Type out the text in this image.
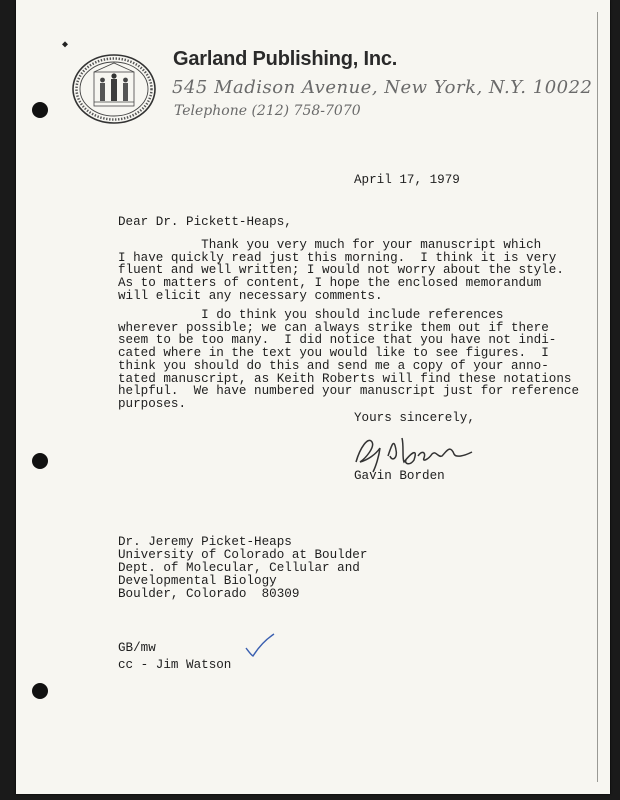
◆
Garland Publishing, Inc.
545 Madison Avenue, New York, N.Y. 10022
Telephone (212) 758-7070
April 17, 1979
Dear Dr. Pickett-Heaps,
Thank you very much for your manuscript which
I have quickly read just this morning.  I think it is very
fluent and well written; I would not worry about the style.
As to matters of content, I hope the enclosed memorandum
will elicit any necessary comments.
I do think you should include references
wherever possible; we can always strike them out if there
seem to be too many.  I did notice that you have not indi-
cated where in the text you would like to see figures.  I
think you should do this and send me a copy of your anno-
tated manuscript, as Keith Roberts will find these notations
helpful.  We have numbered your manuscript just for reference
purposes.
Yours sincerely,
Gavin Borden
Dr. Jeremy Picket-Heaps
University of Colorado at Boulder
Dept. of Molecular, Cellular and
Developmental Biology
Boulder, Colorado  80309
GB/mw
cc - Jim Watson
